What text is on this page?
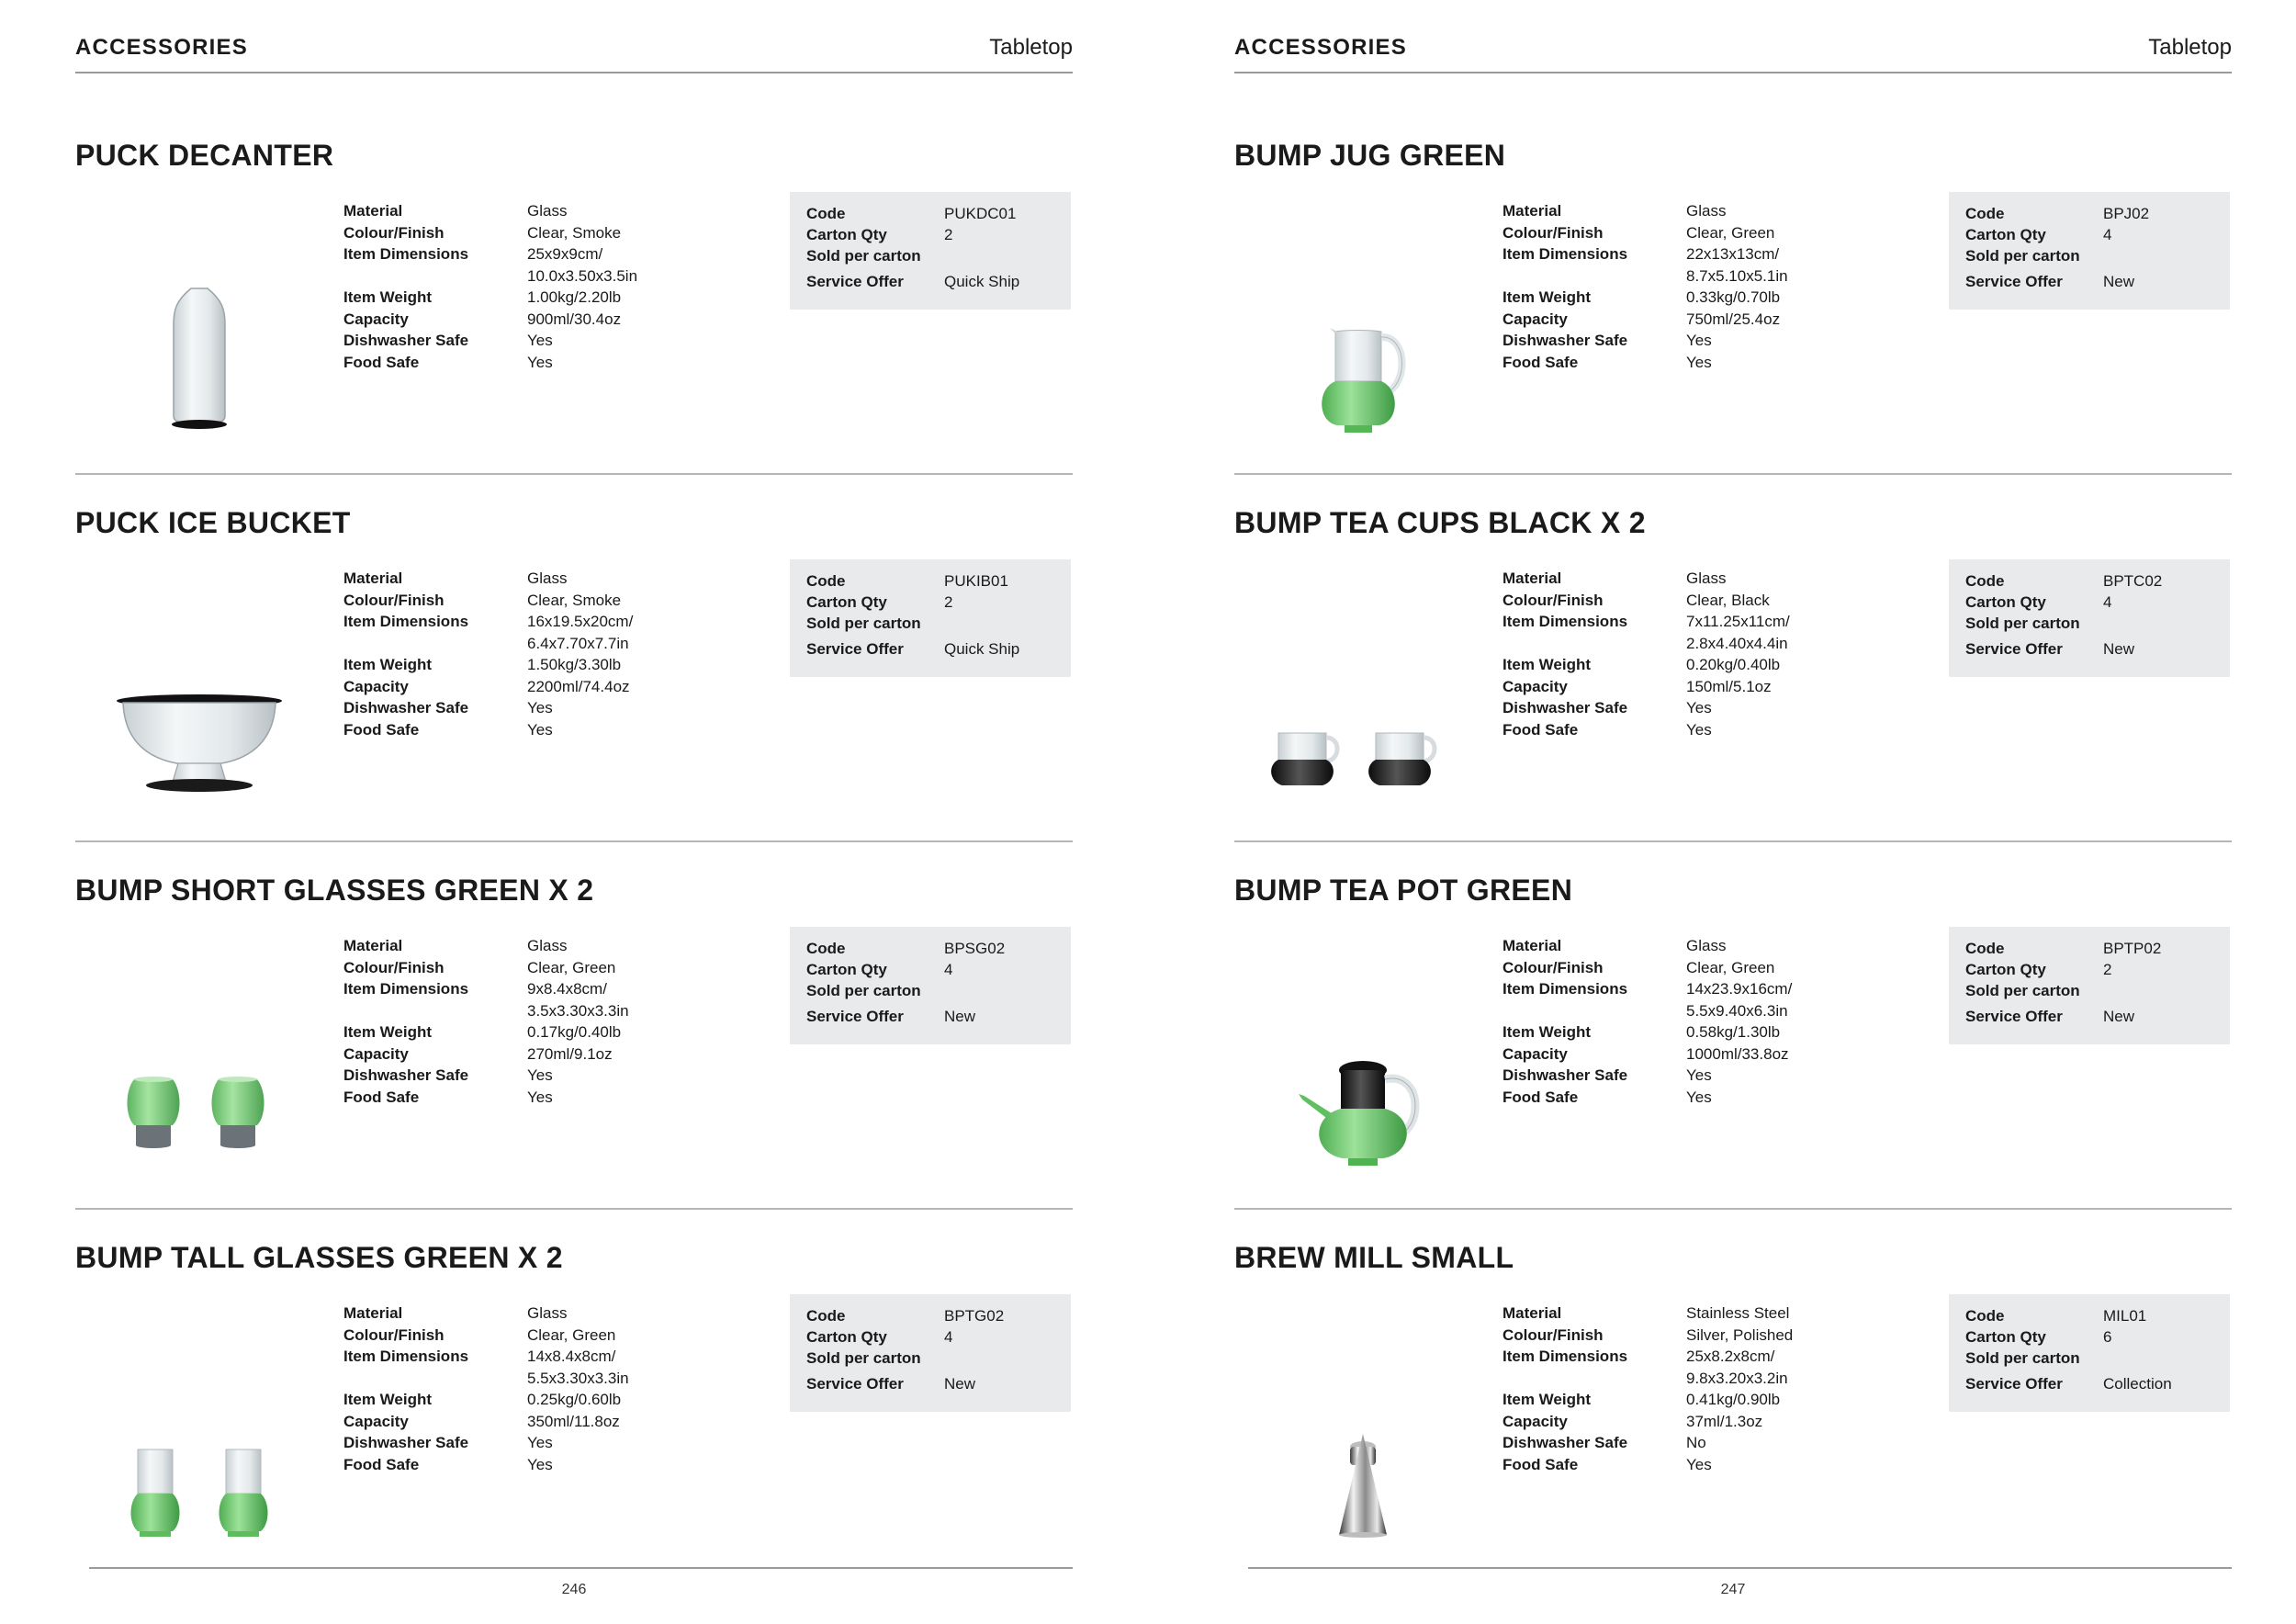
ACCESSORIES	Tabletop
PUCK DECANTER
Material	Glass
Colour/Finish	Clear, Smoke
Item Dimensions	25x9x9cm/
10.0x3.50x3.5in
Item Weight	1.00kg/2.20lb
Capacity	900ml/30.4oz
Dishwasher Safe	Yes
Food Safe	Yes
Code	PUKDC01
Carton Qty	2
Sold per carton
Service Offer	Quick Ship
PUCK ICE BUCKET
Material	Glass
Colour/Finish	Clear, Smoke
Item Dimensions	16x19.5x20cm/
6.4x7.70x7.7in
Item Weight	1.50kg/3.30lb
Capacity	2200ml/74.4oz
Dishwasher Safe	Yes
Food Safe	Yes
Code	PUKIB01
Carton Qty	2
Sold per carton
Service Offer	Quick Ship
BUMP SHORT GLASSES GREEN X 2
Material	Glass
Colour/Finish	Clear, Green
Item Dimensions	9x8.4x8cm/
3.5x3.30x3.3in
Item Weight	0.17kg/0.40lb
Capacity	270ml/9.1oz
Dishwasher Safe	Yes
Food Safe	Yes
Code	BPSG02
Carton Qty	4
Sold per carton
Service Offer	New
BUMP TALL GLASSES GREEN X 2
Material	Glass
Colour/Finish	Clear, Green
Item Dimensions	14x8.4x8cm/
5.5x3.30x3.3in
Item Weight	0.25kg/0.60lb
Capacity	350ml/11.8oz
Dishwasher Safe	Yes
Food Safe	Yes
Code	BPTG02
Carton Qty	4
Sold per carton
Service Offer	New
246
ACCESSORIES	Tabletop
BUMP JUG GREEN
Material	Glass
Colour/Finish	Clear, Green
Item Dimensions	22x13x13cm/
8.7x5.10x5.1in
Item Weight	0.33kg/0.70lb
Capacity	750ml/25.4oz
Dishwasher Safe	Yes
Food Safe	Yes
Code	BPJ02
Carton Qty	4
Sold per carton
Service Offer	New
BUMP TEA CUPS BLACK X 2
Material	Glass
Colour/Finish	Clear, Black
Item Dimensions	7x11.25x11cm/
2.8x4.40x4.4in
Item Weight	0.20kg/0.40lb
Capacity	150ml/5.1oz
Dishwasher Safe	Yes
Food Safe	Yes
Code	BPTC02
Carton Qty	4
Sold per carton
Service Offer	New
BUMP TEA POT GREEN
Material	Glass
Colour/Finish	Clear, Green
Item Dimensions	14x23.9x16cm/
5.5x9.40x6.3in
Item Weight	0.58kg/1.30lb
Capacity	1000ml/33.8oz
Dishwasher Safe	Yes
Food Safe	Yes
Code	BPTP02
Carton Qty	2
Sold per carton
Service Offer	New
BREW MILL SMALL
Material	Stainless Steel
Colour/Finish	Silver, Polished
Item Dimensions	25x8.2x8cm/
9.8x3.20x3.2in
Item Weight	0.41kg/0.90lb
Capacity	37ml/1.3oz
Dishwasher Safe	No
Food Safe	Yes
Code	MIL01
Carton Qty	6
Sold per carton
Service Offer	Collection
247
